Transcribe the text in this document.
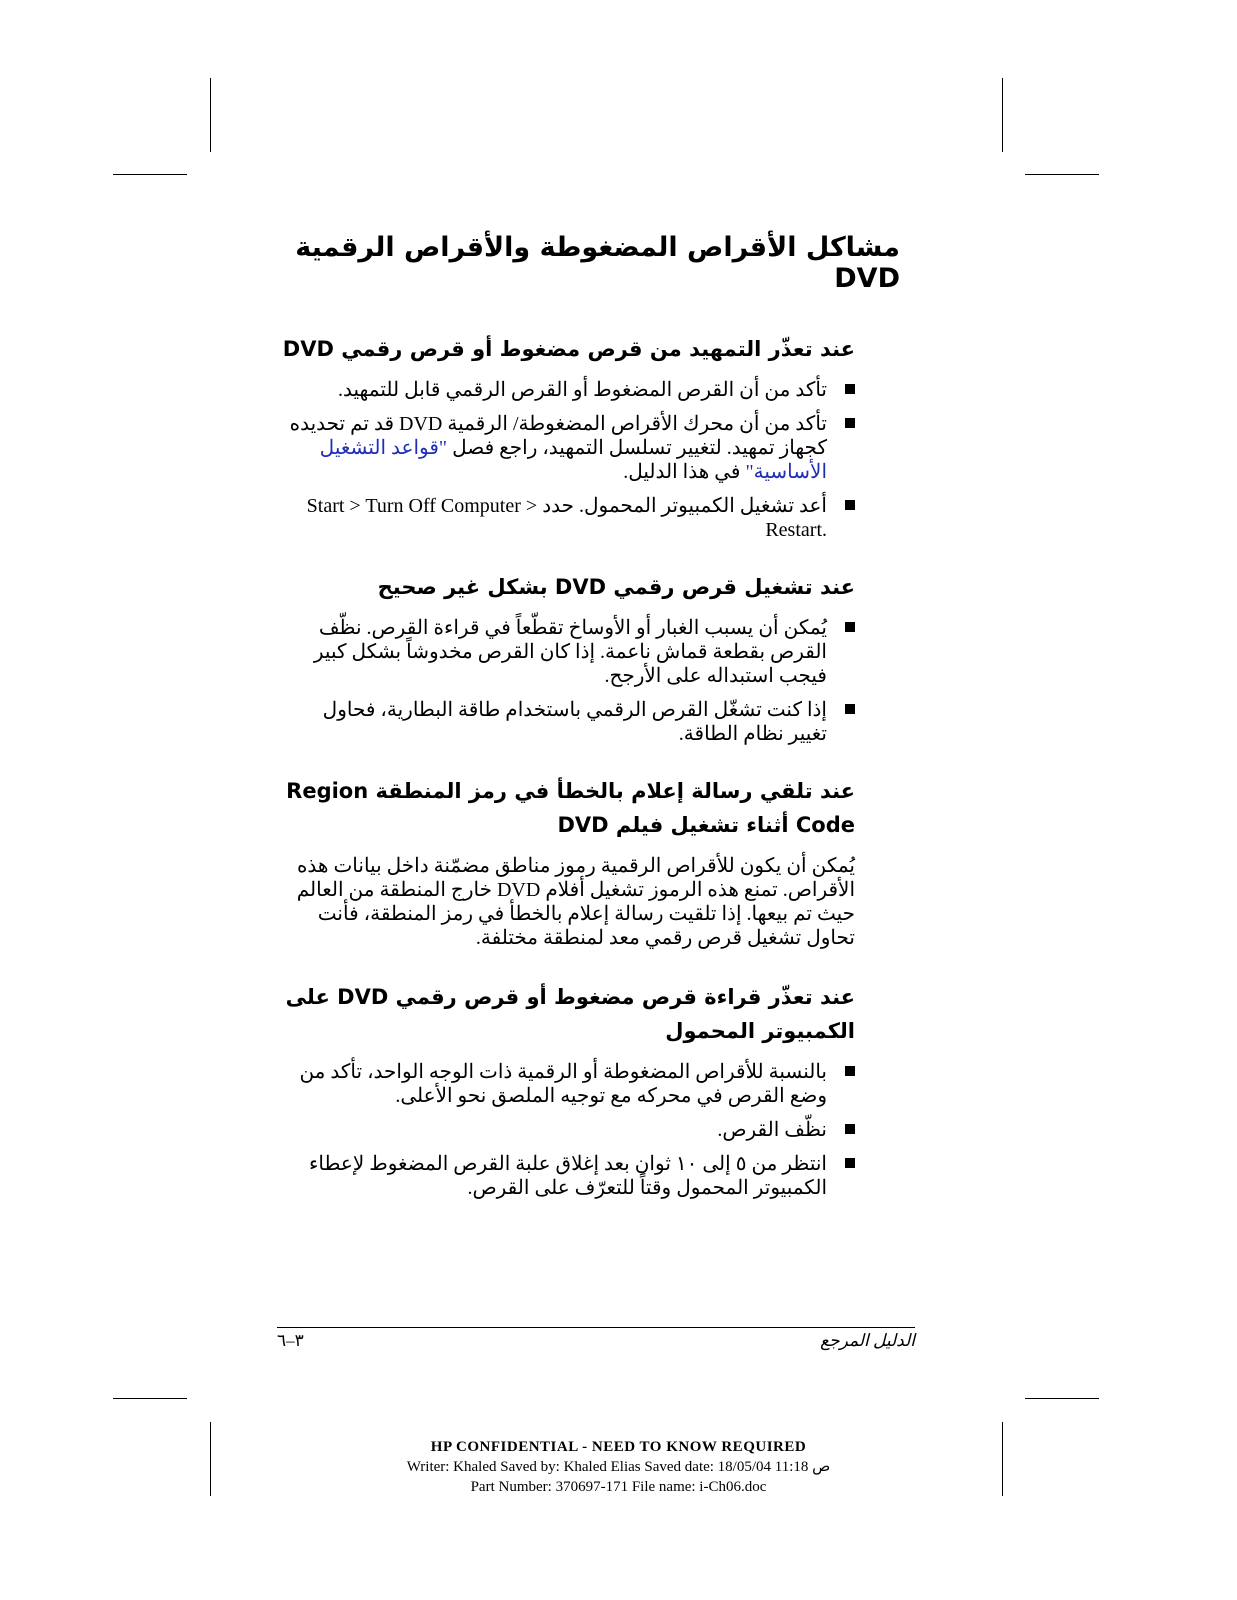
مشاكل الأقراص المضغوطة والأقراص الرقمية DVD
عند تعذّر التمهيد من قرص مضغوط أو قرص رقمي DVD
تأكد من أن القرص المضغوط أو القرص الرقمي قابل للتمهيد.
تأكد من أن محرك الأقراص المضغوطة/ الرقمية DVD قد تم تحديده كجهاز تمهيد. لتغيير تسلسل التمهيد، راجع فصل "قواعد التشغيل الأساسية" في هذا الدليل.
أعد تشغيل الكمبيوتر المحمول. حدد Start > Turn Off Computer > Restart.
عند تشغيل قرص رقمي DVD بشكل غير صحيح
يُمكن أن يسبب الغبار أو الأوساخ تقطّعاً في قراءة القرص. نظّف القرص بقطعة قماش ناعمة. إذا كان القرص مخدوشاً بشكل كبير فيجب استبداله على الأرجح.
إذا كنت تشغّل القرص الرقمي باستخدام طاقة البطارية، فحاول تغيير نظام الطاقة.
عند تلقي رسالة إعلام بالخطأ في رمز المنطقة Region Code أثناء تشغيل فيلم DVD

يُمكن أن يكون للأقراص الرقمية رموز مناطق مضمّنة داخل بيانات هذه الأقراص. تمنع هذه الرموز تشغيل أفلام DVD خارج المنطقة من العالم حيث تم بيعها. إذا تلقيت رسالة إعلام بالخطأ في رمز المنطقة، فأنت تحاول تشغيل قرص رقمي معد لمنطقة مختلفة.

عند تعذّر قراءة قرص مضغوط أو قرص رقمي DVD على الكمبيوتر المحمول
بالنسبة للأقراص المضغوطة أو الرقمية ذات الوجه الواحد، تأكد من وضع القرص في محركه مع توجيه الملصق نحو الأعلى.
نظّف القرص.
انتظر من ٥ إلى ١٠ ثوان بعد إغلاق علبة القرص المضغوط لإعطاء الكمبيوتر المحمول وقتاً للتعرّف على القرص.
٣–٦	الدليل المرجع
HP CONFIDENTIAL - NEED TO KNOW REQUIRED
Writer: Khaled Saved by: Khaled Elias Saved date: 18/05/04 11:18 ص
Part Number: 370697-171 File name: i-Ch06.doc
